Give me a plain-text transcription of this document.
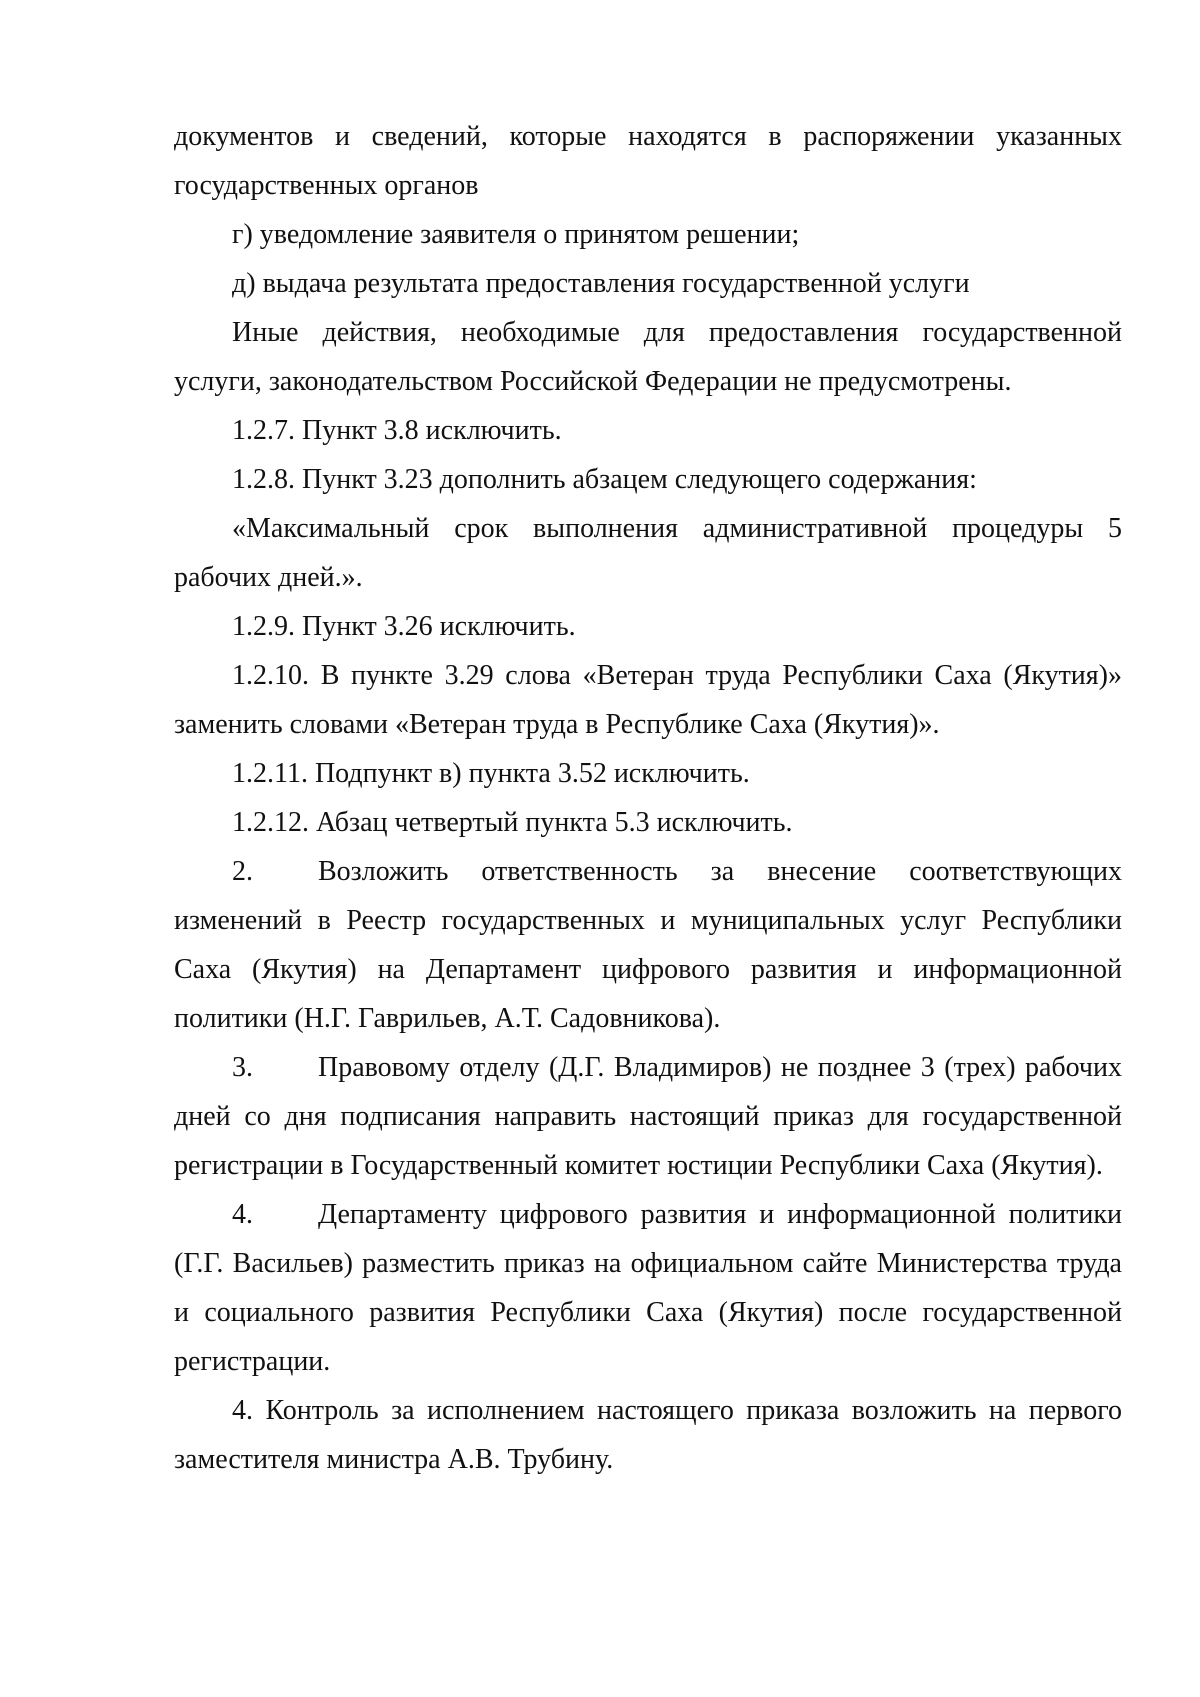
документов и сведений, которые находятся в распоряжении указанных государственных органов

г) уведомление заявителя о принятом решении;

д) выдача результата предоставления государственной услуги

Иные действия, необходимые для предоставления государственной услуги, законодательством Российской Федерации не предусмотрены.

1.2.7. Пункт 3.8 исключить.

1.2.8. Пункт 3.23 дополнить абзацем следующего содержания:

«Максимальный срок выполнения административной процедуры 5 рабочих дней.».

1.2.9. Пункт 3.26 исключить.

1.2.10. В пункте 3.29 слова «Ветеран труда Республики Саха (Якутия)» заменить словами «Ветеран труда в Республике Саха (Якутия)».

1.2.11. Подпункт в) пункта 3.52 исключить.

1.2.12. Абзац четвертый пункта 5.3 исключить.

2.	Возложить ответственность за внесение соответствующих

изменений в Реестр государственных и муниципальных услуг Республики Саха (Якутия) на Департамент цифрового развития и информационной политики (Н.Г. Гаврильев, А.Т. Садовникова).

3.	Правовому отделу (Д.Г. Владимиров) не позднее 3 (трех) рабочих

дней со дня подписания направить настоящий приказ для государственной регистрации в Государственный комитет юстиции Республики Саха (Якутия).

4.	Департаменту цифрового развития и информационной политики

(Г.Г. Васильев) разместить приказ на официальном сайте Министерства труда и социального развития Республики Саха (Якутия) после государственной регистрации.

4. Контроль за исполнением настоящего приказа возложить на первого заместителя министра А.В. Трубину.
